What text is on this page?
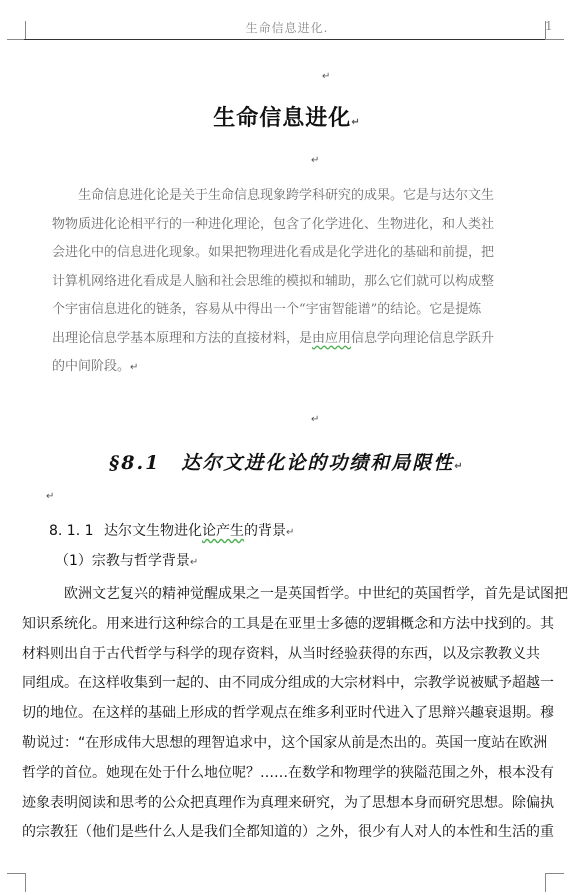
生命信息进化.	1
↵
生命信息进化↵
↵
生命信息进化论是关于生命信息现象跨学科研究的成果。它是与达尔文生
物物质进化论相平行的一种进化理论，包含了化学进化、生物进化，和人类社
会进化中的信息进化现象。如果把物理进化看成是化学进化的基础和前提，把
计算机网络进化看成是人脑和社会思维的模拟和辅助，那么它们就可以构成整
个宇宙信息进化的链条，容易从中得出一个“宇宙智能谱”的结论。它是提炼
出理论信息学基本原理和方法的直接材料，是由应用信息学向理论信息学跃升
的中间阶段。↵
↵
§8.1　达尔文进化论的功绩和局限性↵
↵
8. 1. 1 达尔文生物进化论产生的背景↵
（1）宗教与哲学背景↵
欧洲文艺复兴的精神觉醒成果之一是英国哲学。中世纪的英国哲学，首先是试图把
知识系统化。用来进行这种综合的工具是在亚里士多德的逻辑概念和方法中找到的。其
材料则出自于古代哲学与科学的现存资料，从当时经验获得的东西，以及宗教教义共
同组成。在这样收集到一起的、由不同成分组成的大宗材料中，宗教学说被赋予超越一
切的地位。在这样的基础上形成的哲学观点在维多利亚时代进入了思辩兴趣衰退期。穆
勒说过：“在形成伟大思想的理智追求中，这个国家从前是杰出的。英国一度站在欧洲
哲学的首位。她现在处于什么地位呢？……在数学和物理学的狭隘范围之外，根本没有
迹象表明阅读和思考的公众把真理作为真理来研究，为了思想本身而研究思想。除偏执
的宗教狂（他们是些什么人是我们全都知道的）之外，很少有人对人的本性和生活的重
